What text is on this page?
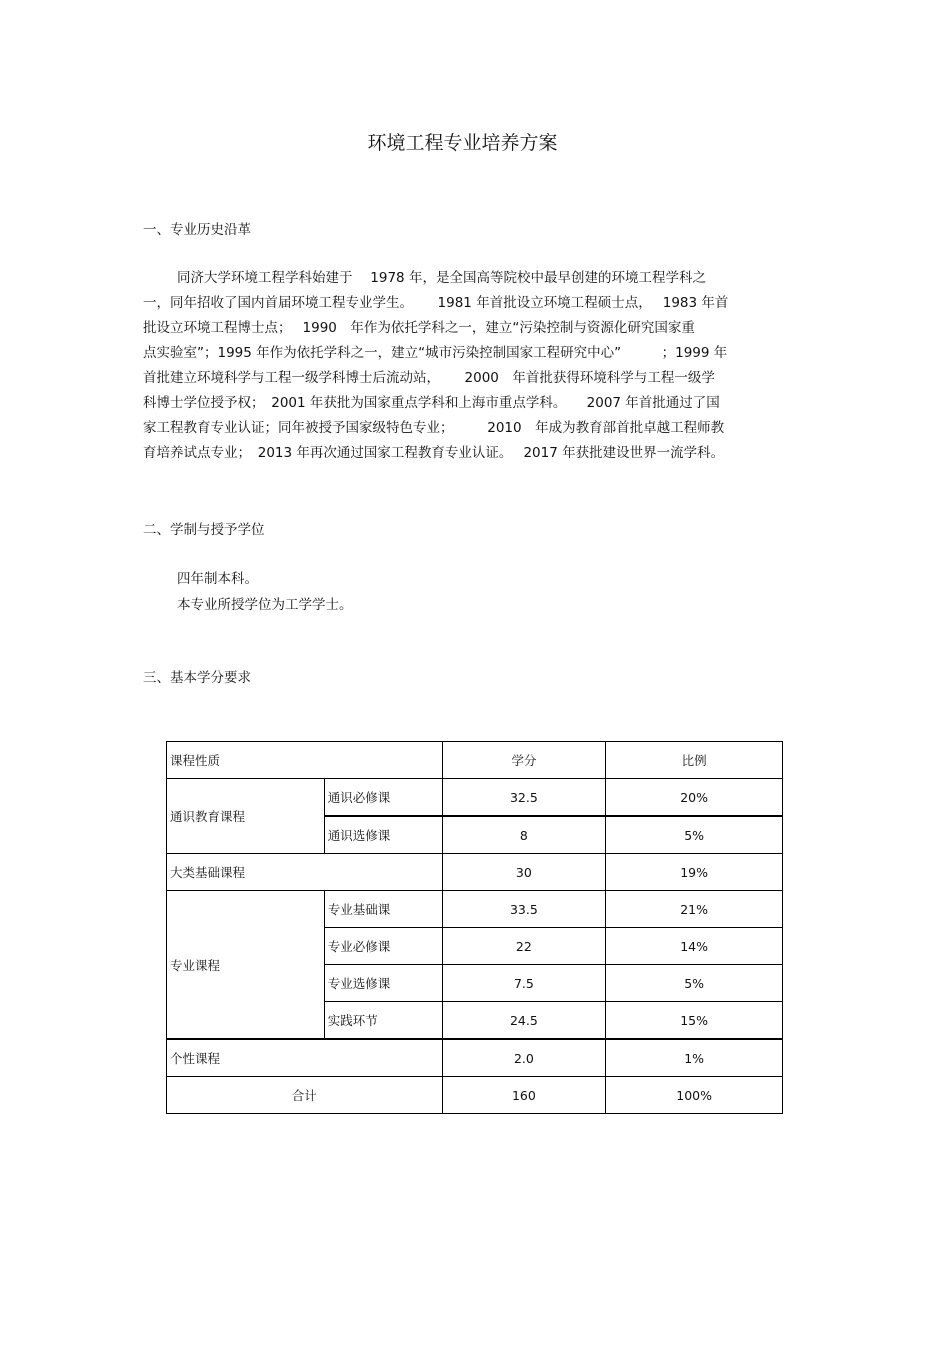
环境工程专业培养方案
一、专业历史沿革
同济大学环境工程学科始建于　 1978 年，是全国高等院校中最早创建的环境工程学科之
一，同年招收了国内首届环境工程专业学生。　　 1981 年首批设立环境工程硕士点，　 1983 年首
批设立环境工程博士点；　 1990　年作为依托学科之一，建立“污染控制与资源化研究国家重
点实验室”；1995 年作为依托学科之一，建立“城市污染控制国家工程研究中心”　　　；1999 年
首批建立环境科学与工程一级学科博士后流动站，　　 2000　年首批获得环境科学与工程一级学
科博士学位授予权；　2001 年获批为国家重点学科和上海市重点学科。　　2007 年首批通过了国
家工程教育专业认证；同年被授予国家级特色专业；　　　2010　年成为教育部首批卓越工程师教
育培养试点专业；　2013 年再次通过国家工程教育专业认证。　 2017 年获批建设世界一流学科。
二、学制与授予学位
四年制本科。
本专业所授学位为工学学士。
三、基本学分要求
课程性质		学分	比例
通识教育课程	通识必修课	32.5	20%
	通识选修课	8	5%
大类基础课程		30	19%
专业课程	专业基础课	33.5	21%
	专业必修课	22	14%
	专业选修课	7.5	5%
	实践环节	24.5	15%
个性课程		2.0	1%
合计		160	100%
